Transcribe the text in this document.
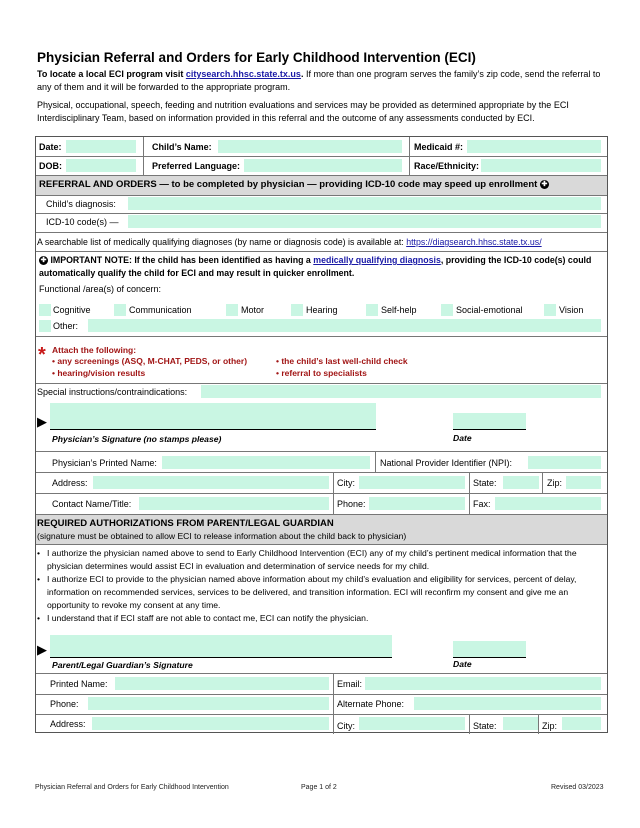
Physician Referral and Orders for Early Childhood Intervention (ECI)
To locate a local ECI program visit citysearch.hhsc.state.tx.us. If more than one program serves the family’s zip code, send the referral to any of them and it will be forwarded to the appropriate program.
Physical, occupational, speech, feeding and nutrition evaluations and services may be provided as determined appropriate by the ECI Interdisciplinary Team, based on information provided in this referral and the outcome of any assessments conducted by ECI.
Date:	Child’s Name:	Medicaid #:
DOB:	Preferred Language:	Race/Ethnicity:
REFERRAL AND ORDERS — to be completed by physician — providing ICD-10 code may speed up enrollment ✚
Child’s diagnosis:
ICD-10 code(s) —
A searchable list of medically qualifying diagnoses (by name or diagnosis code) is available at: https://diagsearch.hhsc.state.tx.us/
✚ IMPORTANT NOTE: If the child has been identified as having a medically qualifying diagnosis, providing the ICD-10 code(s) could automatically qualify the child for ECI and may result in quicker enrollment.
Functional /area(s) of concern:
Cognitive	Communication	Motor	Hearing	Self-help	Social-emotional	Vision
Other:
* Attach the following:
• any screenings (ASQ, M-CHAT, PEDS, or other)
• hearing/vision results
• the child’s last well-child check
• referral to specialists
Special instructions/contraindications:
▶
Physician’s Signature (no stamps please)	Date
Physician’s Printed Name:	National Provider Identifier (NPI):
Address:	City:	State:	Zip:
Contact Name/Title:	Phone:	Fax:
REQUIRED AUTHORIZATIONS FROM PARENT/LEGAL GUARDIAN
(signature must be obtained to allow ECI to release information about the child back to physician)
• I authorize the physician named above to send to Early Childhood Intervention (ECI) any of my child’s pertinent medical information that the physician determines would assist ECI in evaluation and determination of service needs for my child.
• I authorize ECI to provide to the physician named above information about my child’s evaluation and eligibility for services, percent of delay, information on recommended services, services to be delivered, and transition information. ECI will reconfirm my consent and give me an opportunity to revoke my consent at any time.
• I understand that if ECI staff are not able to contact me, ECI can notify the physician.
▶
Parent/Legal Guardian’s Signature	Date
Printed Name:	Email:
Phone:	Alternate Phone:
Address:	City:	State:	Zip:
Physician Referral and Orders for Early Childhood Intervention	Page 1 of 2	Revised 03/2023
